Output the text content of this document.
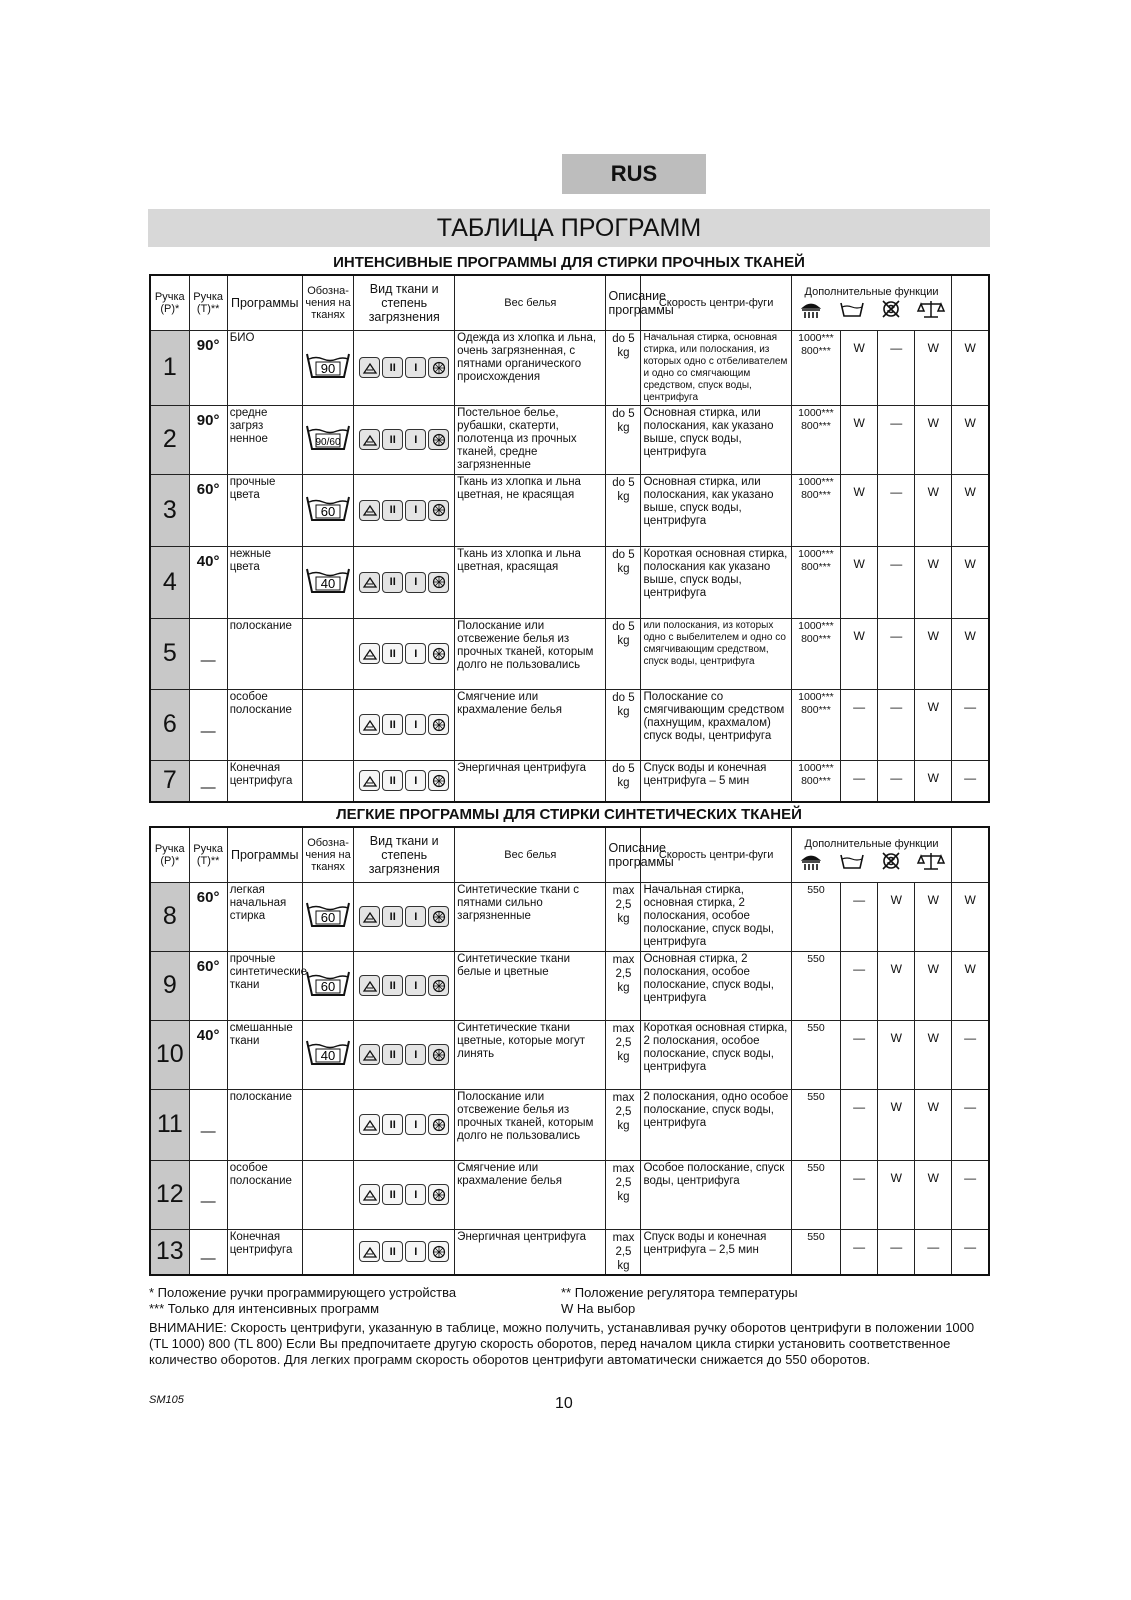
RUS
ТАБЛИЦА ПРОГРАММ
ИНТЕНСИВНЫЕ ПРОГРАММЫ ДЛЯ СТИРКИ ПРОЧНЫХ ТКАНЕЙ
Ручка (Р)*	Ручка (Т)**	Программы	Обозна-чения на тканях	Вид ткани и степень загрязнения	Вес белья	Описание программы	Скорость центри-фуги	Дополнительные функции				

1	90°	БИО	90	II I	Одежда из хлопка и льна, очень загрязненная, с пятнами органического происхождения	do 5 kg	Начальная стирка, основная стирка, или полоскания, из которых одно с отбеливателем и одно со смягчающим средством, спуск воды, центрифуга	1000*** 800***	W	—	W	W
2	90°	средне загряз ненное	90/60	II I	Постельное белье, рубашки, скатерти, полотенца из прочных тканей, средне загрязненные	do 5 kg	Основная стирка, или полоскания, как указано выше, спуск воды, центрифуга	1000*** 800***	W	—	W	W
3	60°	прочные цвета	60	II I	Ткань из хлопка и льна цветная, не красящая	do 5 kg	Основная стирка, или полоскания, как указано выше, спуск воды, центрифуга	1000*** 800***	W	—	W	W
4	40°	нежные цвета	40	II I	Ткань из хлопка и льна цветная, красящая	do 5 kg	Короткая основная стирка, полоскания как указано выше, спуск воды, центрифуга	1000*** 800***	W	—	W	W
5	—	полоскание		II I	Полоскание или отсвежение белья из прочных тканей, которым долго не пользовались	do 5 kg	или полоскания, из которых одно с выбелителем и одно со смягчивающим средством, спуск воды, центрифуга	1000*** 800***	W	—	W	W
6	—	особое полоскание		II I	Смягчение или крахмаление белья	do 5 kg	Полоскание со смягчивающим средством (пахнущим, крахмалом) спуск воды, центрифуга	1000*** 800***	—	—	W	—
7	—	Конечная центрифуга		II I	Энергичная центрифуга	do 5 kg	Спуск воды и конечная центрифуга – 5 мин	1000*** 800***	—	—	W	—
ЛЕГКИЕ ПРОГРАММЫ ДЛЯ СТИРКИ СИНТЕТИЧЕСКИХ ТКАНЕЙ
Ручка (Р)*	Ручка (Т)**	Программы	Обозна-чения на тканях	Вид ткани и степень загрязнения	Вес белья	Описание программы	Скорость центри-фуги	Дополнительные функции				

8	60°	легкая начальная стирка	60	II I	Синтетические ткани с пятнами сильно загрязненные	max 2,5 kg	Начальная стирка, основная стирка, 2 полоскания, особое полоскание, спуск воды, центрифуга	550	—	W	W	W
9	60°	прочные синтетические ткани	60	II I	Синтетические ткани белые и цветные	max 2,5 kg	Основная стирка, 2 полоскания, особое полоскание, спуск воды, центрифуга	550	—	W	W	W
10	40°	смешанные ткани	40	II I	Синтетические ткани цветные, которые могут линять	max 2,5 kg	Короткая основная стирка, 2 полоскания, особое полоскание, спуск воды, центрифуга	550	—	W	W	—
11	—	полоскание		II I	Полоскание или отсвежение белья из прочных тканей, которым долго не пользовались	max 2,5 kg	2 полоскания, одно особое полоскание, спуск воды, центрифуга	550	—	W	W	—
12	—	особое полоскание		II I	Смягчение или крахмаление белья	max 2,5 kg	Особое полоскание, спуск воды, центрифуга	550	—	W	W	—
13	—	Конечная центрифуга		II I	Энергичная центрифуга	max 2,5 kg	Спуск воды и конечная центрифуга – 2,5 мин	550	—	—	—	—
* Положение ручки программирующего устройства	** Положение регулятора температуры
*** Только для интенсивных программ	W На выбор
ВНИМАНИЕ: Скорость центрифуги, указанную в таблице, можно получить, устанавливая ручку оборотов центрифуги в положении 1000 (TL 1000) 800 (TL 800) Если Вы предпочитаете другую скорость оборотов, перед началом цикла стирки установить соответственное количество оборотов. Для легких программ скорость оборотов центрифуги автоматически снижается до 550 оборотов.
SM105	10
